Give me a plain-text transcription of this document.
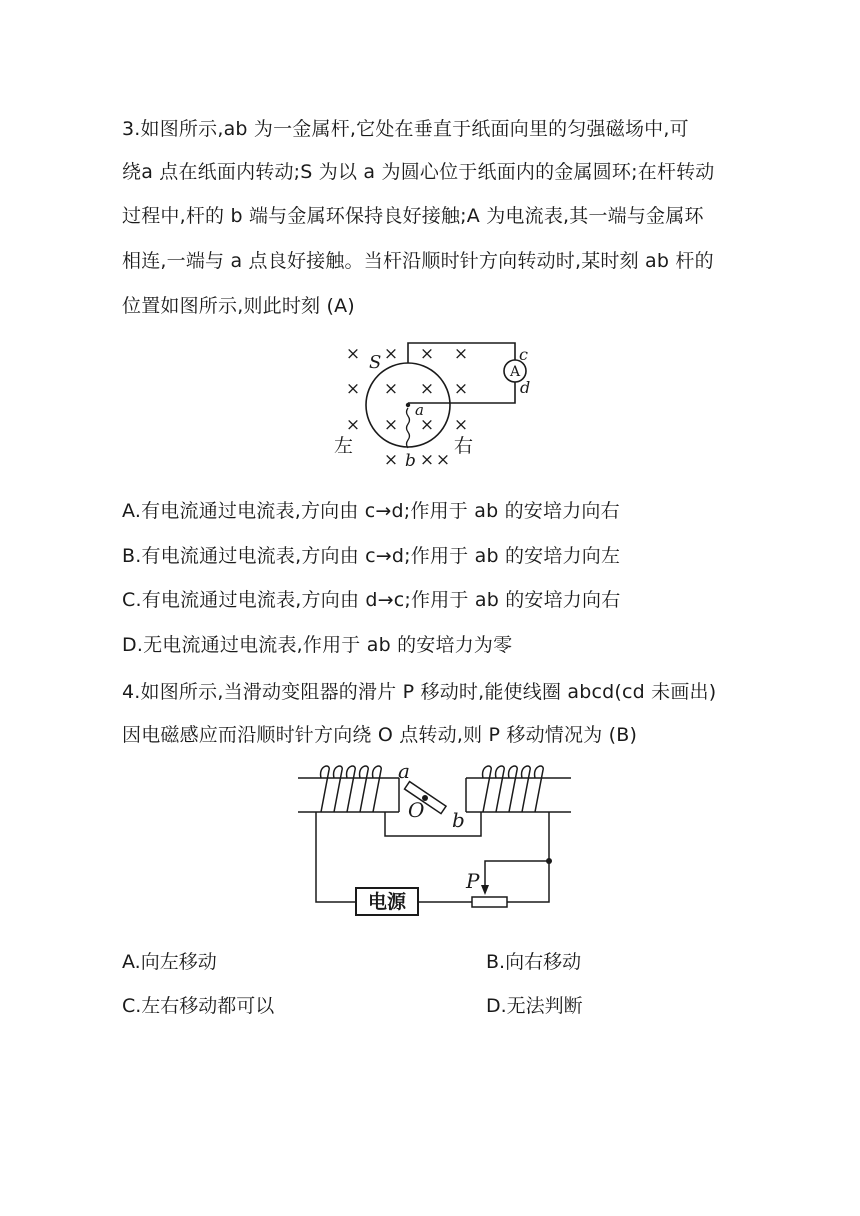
3.如图所示,ab 为一金属杆,它处在垂直于纸面向里的匀强磁场中,可
绕a 点在纸面内转动;S 为以 a 为圆心位于纸面内的金属圆环;在杆转动
过程中,杆的 b 端与金属环保持良好接触;A 为电流表,其一端与金属环
相连,一端与 a 点良好接触。当杆沿顺时针方向转动时,某时刻 ab 杆的
位置如图所示,则此时刻 (A)
× × × ×
× × × ×
× × × ×
× × ×
S	A
c
d
a
b
左	右
A.有电流通过电流表,方向由 c→d;作用于 ab 的安培力向右
B.有电流通过电流表,方向由 c→d;作用于 ab 的安培力向左
C.有电流通过电流表,方向由 d→c;作用于 ab 的安培力向右
D.无电流通过电流表,作用于 ab 的安培力为零
4.如图所示,当滑动变阻器的滑片 P 移动时,能使线圈 abcd(cd 未画出)
因电磁感应而沿顺时针方向绕 O 点转动,则 P 移动情况为 (B)
a
O b
P
电源
A.向左移动	B.向右移动
C.左右移动都可以	D.无法判断
